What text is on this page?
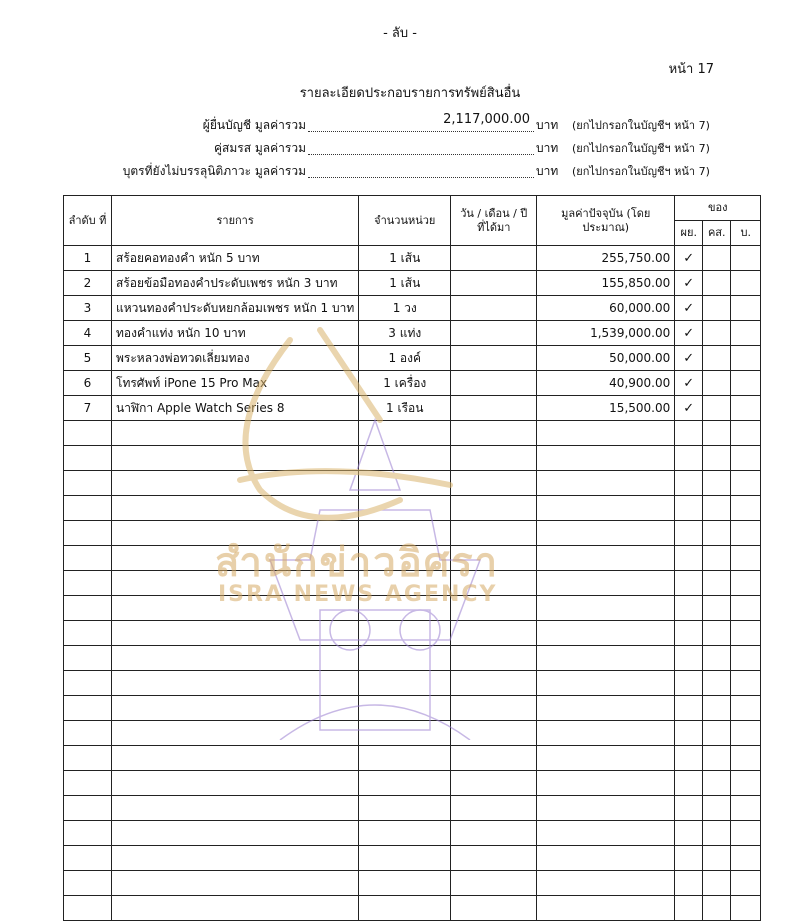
- ลับ -
หน้า 17
รายละเอียดประกอบรายการทรัพย์สินอื่น
ผู้ยื่นบัญชี มูลค่ารวม	2,117,000.00 บาท (ยกไปกรอกในบัญชีฯ หน้า 7)
คู่สมรส มูลค่ารวม	บาท (ยกไปกรอกในบัญชีฯ หน้า 7)
บุตรที่ยังไม่บรรลุนิติภาวะ มูลค่ารวม	บาท (ยกไปกรอกในบัญชีฯ หน้า 7)
ลำดับ ที่	รายการ	จำนวนหน่วย	วัน / เดือน / ปี ที่ได้มา	มูลค่าปัจจุบัน (โดยประมาณ)	ของ		
					ผย.	คส.	บ.
1	สร้อยคอทองคำ หนัก 5 บาท	1 เส้น		255,750.00	✓		
2	สร้อยข้อมือทองคำประดับเพชร หนัก 3 บาท	1 เส้น		155,850.00	✓		
3	แหวนทองคำประดับหยกล้อมเพชร หนัก 1 บาท	1 วง		60,000.00	✓		
4	ทองคำแท่ง หนัก 10 บาท	3 แท่ง		1,539,000.00	✓		
5	พระหลวงพ่อทวดเลี่ยมทอง	1 องค์		50,000.00	✓		
6	โทรศัพท์ iPone 15 Pro Max	1 เครื่อง		40,900.00	✓		
7	นาฬิกา Apple Watch Series 8	1 เรือน		15,500.00	✓		

สำนักข่าวอิศรา
ISRA NEWS AGENCY
